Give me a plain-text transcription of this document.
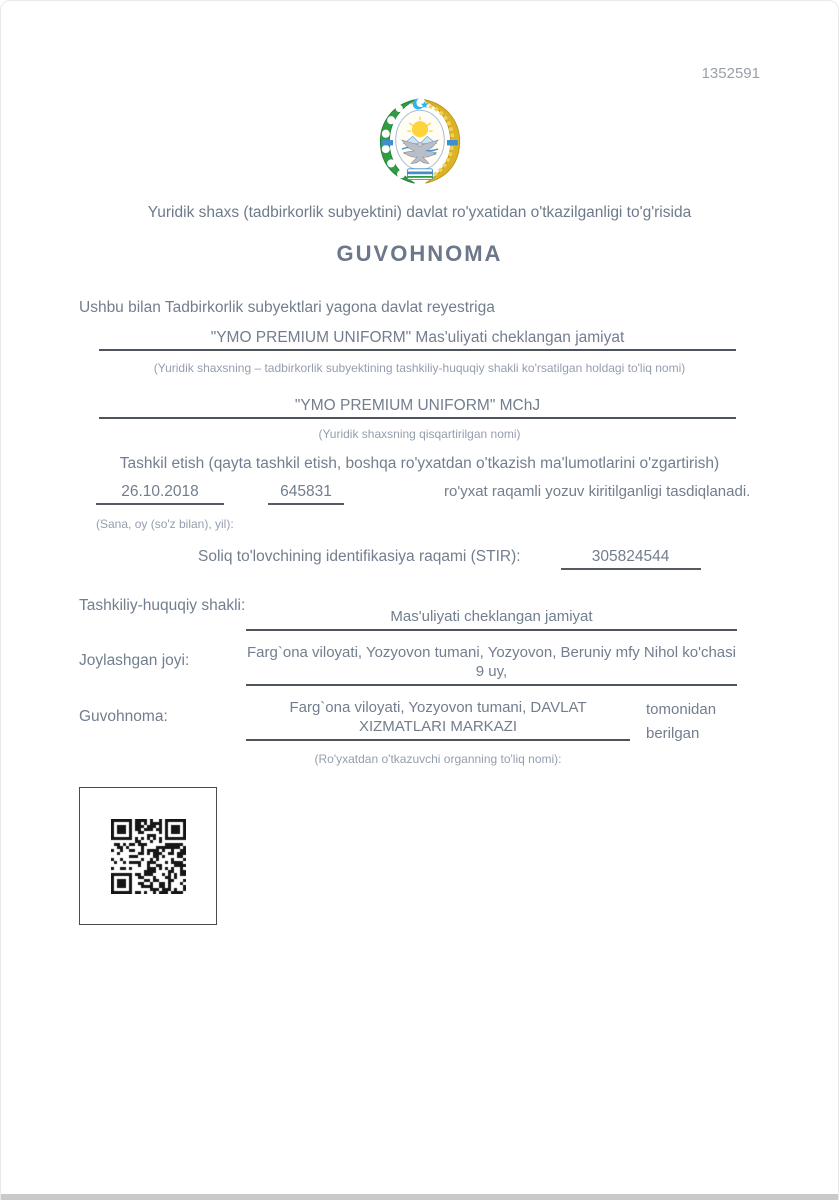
1352591
Yuridik shaxs (tadbirkorlik subyektini) davlat ro'yxatidan o'tkazilganligi to'g'risida
GUVOHNOMA
Ushbu bilan Tadbirkorlik subyektlari yagona davlat reyestriga
"YMO PREMIUM UNIFORM" Mas'uliyati cheklangan jamiyat
(Yuridik shaxsning – tadbirkorlik subyektining tashkiliy-huquqiy shakli ko'rsatilgan holdagi to'liq nomi)
"YMO PREMIUM UNIFORM" MChJ
(Yuridik shaxsning qisqartirilgan nomi)
Tashkil etish (qayta tashkil etish, boshqa ro'yxatdan o'tkazish ma'lumotlarini o'zgartirish)
26.10.2018	645831	ro'yxat raqamli yozuv kiritilganligi tasdiqlanadi.
(Sana, oy (so'z bilan), yil):
Soliq to'lovchining identifikasiya raqami (STIR):	305824544
Tashkiliy-huquqiy shakli:
Mas'uliyati cheklangan jamiyat
Joylashgan joyi:	Farg`ona viloyati, Yozyovon tumani, Yozyovon, Beruniy mfy Nihol ko'chasi 9 uy,
Guvohnoma:
Farg`ona viloyati, Yozyovon tumani, DAVLAT XIZMATLARI MARKAZI
tomonidan berilgan
(Ro'yxatdan o'tkazuvchi organning to'liq nomi):
